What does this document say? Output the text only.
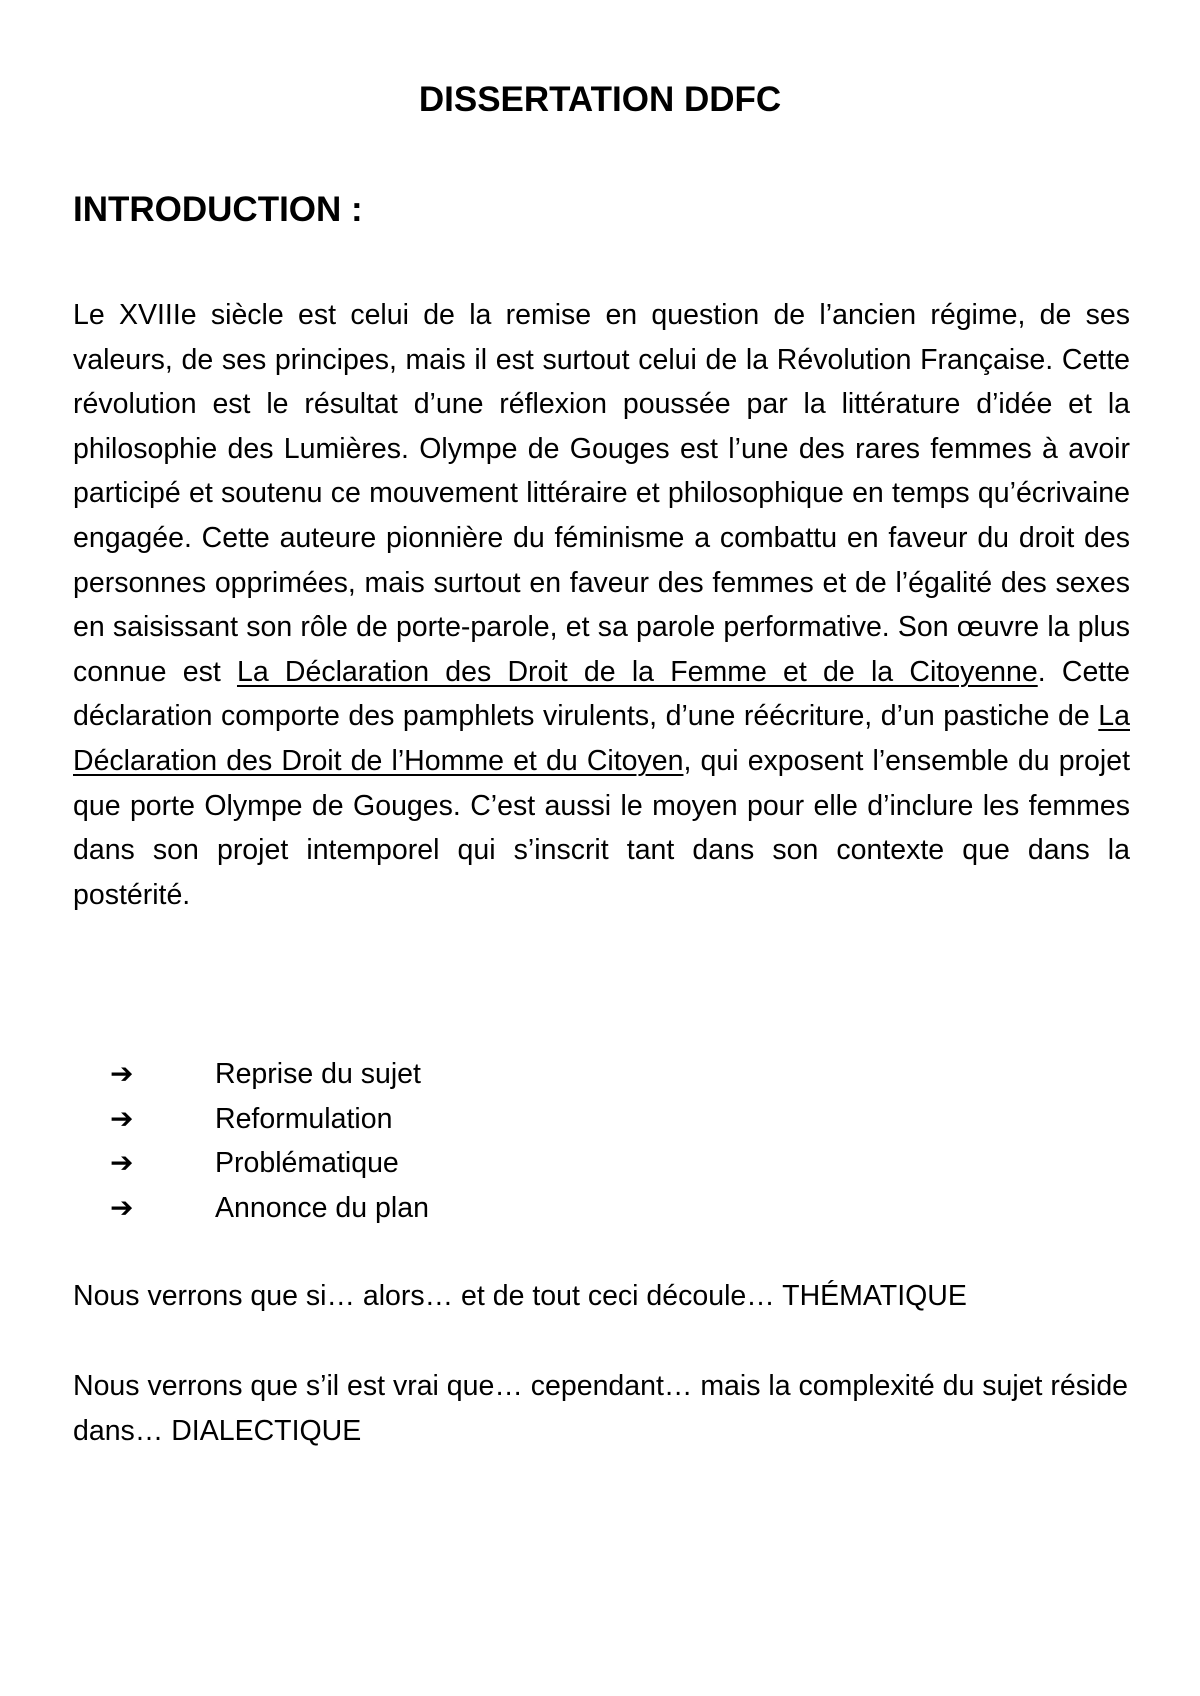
DISSERTATION DDFC
INTRODUCTION :

Le XVIIIe siècle est celui de la remise en question de l’ancien régime, de ses valeurs, de ses principes, mais il est surtout celui de la Révolution Française. Cette révolution est le résultat d’une réflexion poussée par la littérature d’idée et la philosophie des Lumières. Olympe de Gouges est l’une des rares femmes à avoir participé et soutenu ce mouvement littéraire et philosophique en temps qu’écrivaine engagée. Cette auteure pionnière du féminisme a combattu en faveur du droit des personnes opprimées, mais surtout en faveur des femmes et de l’égalité des sexes en saisissant son rôle de porte-parole, et sa parole performative. Son œuvre la plus connue est La Déclaration des Droit de la Femme et de la Citoyenne. Cette déclaration comporte des pamphlets virulents, d’une réécriture, d’un pastiche de La Déclaration des Droit de l’Homme et du Citoyen, qui exposent l’ensemble du projet que porte Olympe de Gouges. C’est aussi le moyen pour elle d’inclure les femmes dans son projet intemporel qui s’inscrit tant dans son contexte que dans la postérité.

➔	Reprise du sujet
➔	Reformulation
➔	Problématique
➔	Annonce du plan

Nous verrons que si… alors… et de tout ceci découle… THÉMATIQUE

Nous verrons que s’il est vrai que… cependant… mais la complexité du sujet réside dans… DIALECTIQUE
